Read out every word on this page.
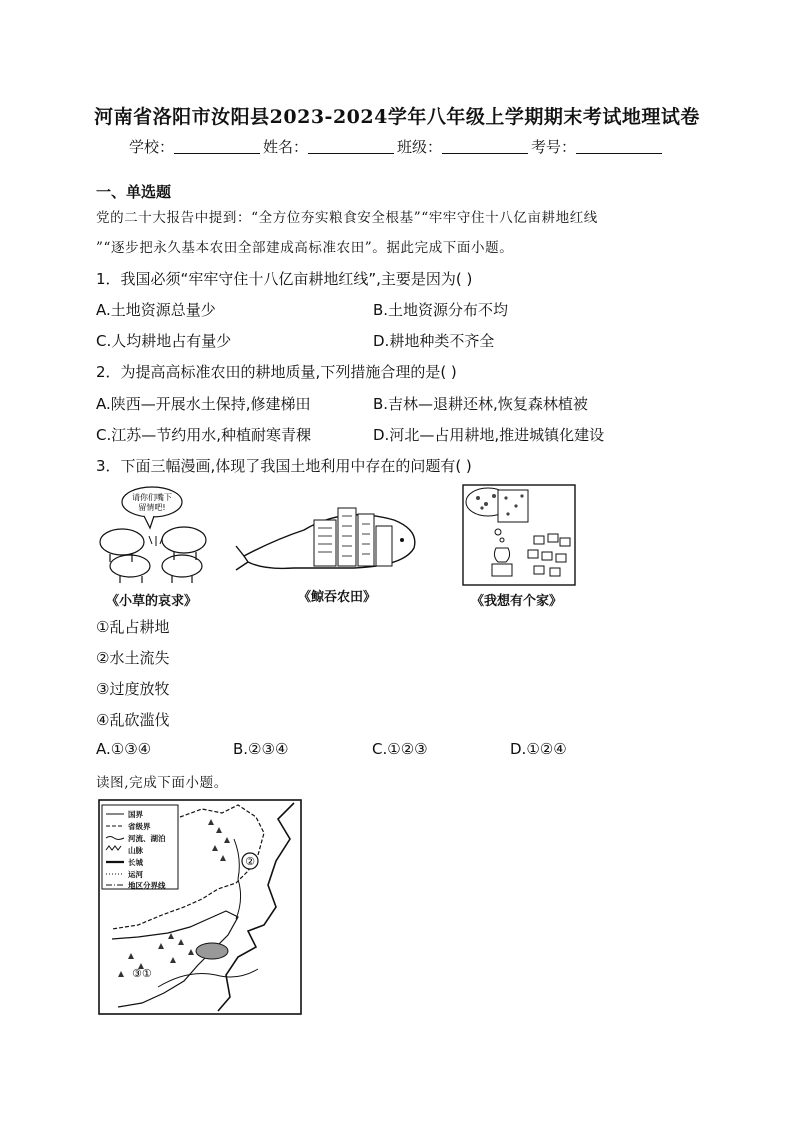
河南省洛阳市汝阳县2023-2024学年八年级上学期期末考试地理试卷
学校：	姓名：	班级：	考号：
一、单选题
党的二十大报告中提到：“全方位夯实粮食安全根基”“牢牢守住十八亿亩耕地红线
”“逐步把永久基本农田全部建成高标准农田”。据此完成下面小题。
1．我国必须“牢牢守住十八亿亩耕地红线”,主要是因为( )
A.土地资源总量少	B.土地资源分布不均
C.人均耕地占有量少	D.耕地种类不齐全
2．为提高高标准农田的耕地质量,下列措施合理的是( )
A.陕西—开展水土保持,修建梯田	B.吉林—退耕还林,恢复森林植被
C.江苏—节约用水,种植耐寒青稞	D.河北—占用耕地,推进城镇化建设
3．下面三幅漫画,体现了我国土地利用中存在的问题有( )
请你们嘴下
留情吧!
《小草的哀求》	《鲸吞农田》	《我想有个家》
①乱占耕地
②水土流失
③过度放牧
④乱砍滥伐
A.①③④	B.②③④	C.①②③	D.①②④
读图,完成下面小题。
国界
省级界
河流、湖泊
山脉
长城
运河
地区分界线
②
③①
